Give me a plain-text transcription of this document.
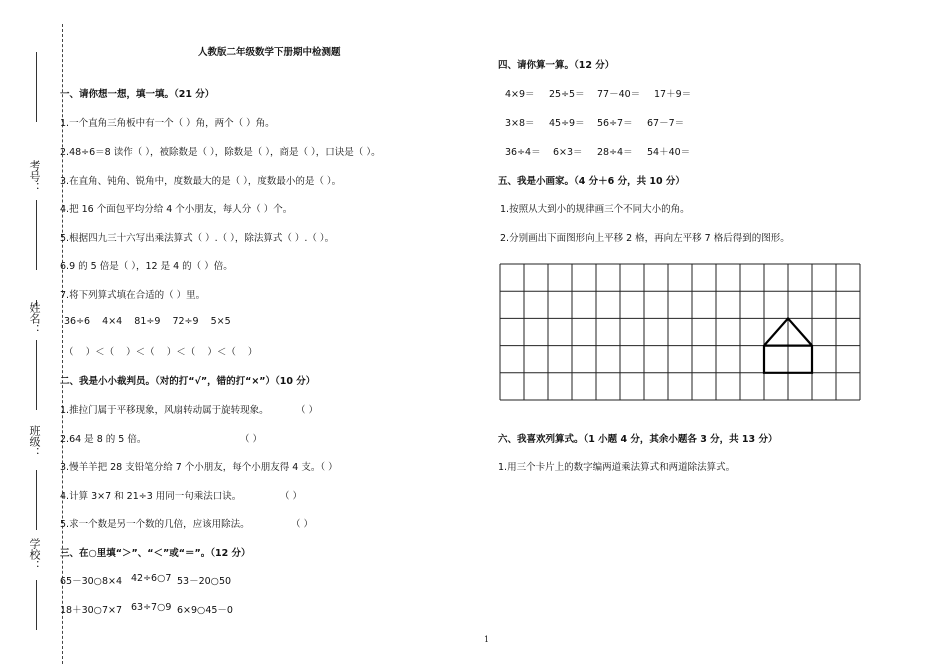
考号：
姓名：
班级：
学校：
人教版二年级数学下册期中检测题
一、请你想一想，填一填。（21 分）
1.一个直角三角板中有一个（ ）角，两个（ ）角。
2.48÷6＝8 读作（ ），被除数是（ ），除数是（ ），商是（ ），口诀是（ ）。
3.在直角、钝角、锐角中，度数最大的是（ ），度数最小的是（ ）。
4.把 16 个面包平均分给 4 个小朋友，每人分（ ）个。
5.根据四九三十六写出乘法算式（ ）.（ ），除法算式（ ）.（ ）。
6.9 的 5 倍是（ ），12 是 4 的（ ）倍。
7.将下列算式填在合适的（ ）里。
36÷6    4×4    81÷9    72÷9    5×5
（    ）＜（    ）＜（    ）＜（    ）＜（    ）
二、我是小小裁判员。（对的打“√”，错的打“×”）（10 分）
1.推拉门属于平移现象，风扇转动属于旋转现象。	（ ）
2.64 是 8 的 5 倍。	（ ）
3.慢羊羊把 28 支铅笔分给 7 个小朋友，每个小朋友得 4 支。（ ）
4.计算 3×7 和 21÷3 用同一句乘法口诀。	（ ）
5.求一个数是另一个数的几倍，应该用除法。	（ ）
三、在○里填“＞”、“＜”或“＝”。（12 分）
65－30○8×4 42÷6○7 53－20○50
18＋30○7×7 63÷7○9 6×9○45－0
四、请你算一算。（12 分）
4×9＝ 25÷5＝ 77－40＝ 17＋9＝
3×8＝ 45÷9＝ 56÷7＝ 67－7＝
36÷4＝ 6×3＝ 28÷4＝ 54＋40＝
五、我是小画家。（4 分＋6 分，共 10 分）
1.按照从大到小的规律画三个不同大小的角。
2.分别画出下面图形向上平移 2 格，再向左平移 7 格后得到的图形。
六、我喜欢列算式。（1 小题 4 分，其余小题各 3 分，共 13 分）
1.用三个卡片上的数字编两道乘法算式和两道除法算式。
1
